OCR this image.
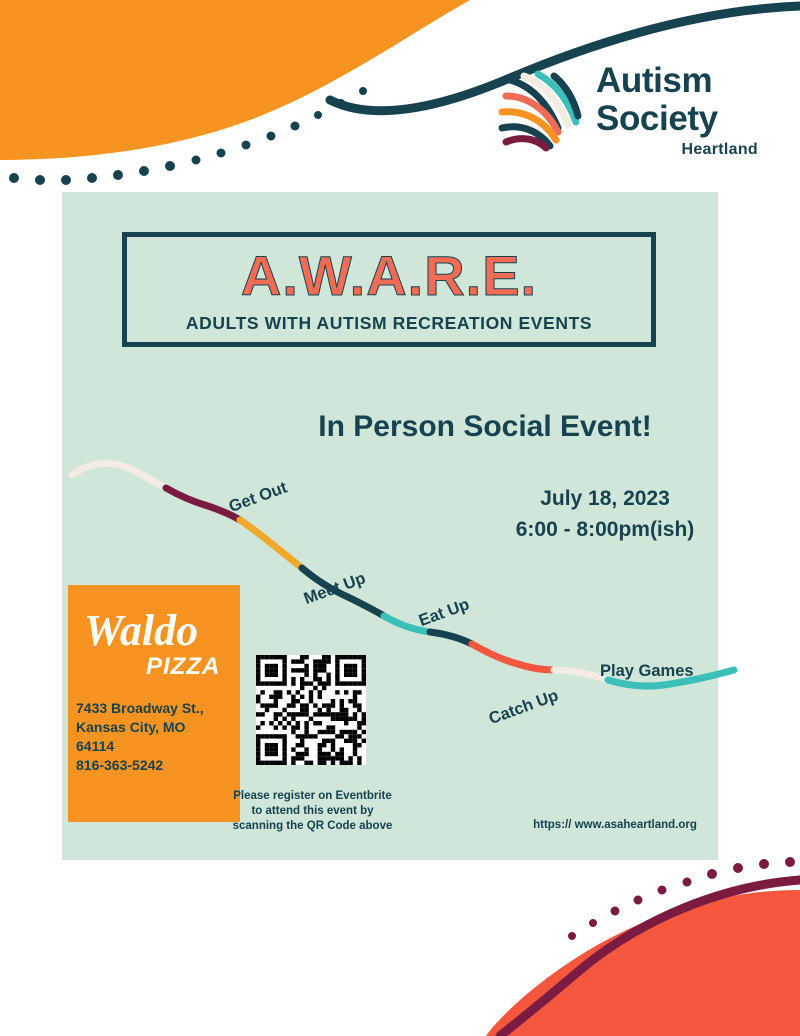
Autism
Society
Heartland
A.W.A.R.E.
ADULTS WITH AUTISM RECREATION EVENTS
In Person Social Event!
July 18, 2023
6:00 - 8:00pm(ish)
Get Out
Meet Up
Eat Up
Catch Up
Play Games
Waldo
PIZZA
7433 Broadway St.,
Kansas City, MO
64114
816-363-5242
Please register on Eventbrite
to attend this event by
scanning the QR Code above	https:// www.asaheartland.org
